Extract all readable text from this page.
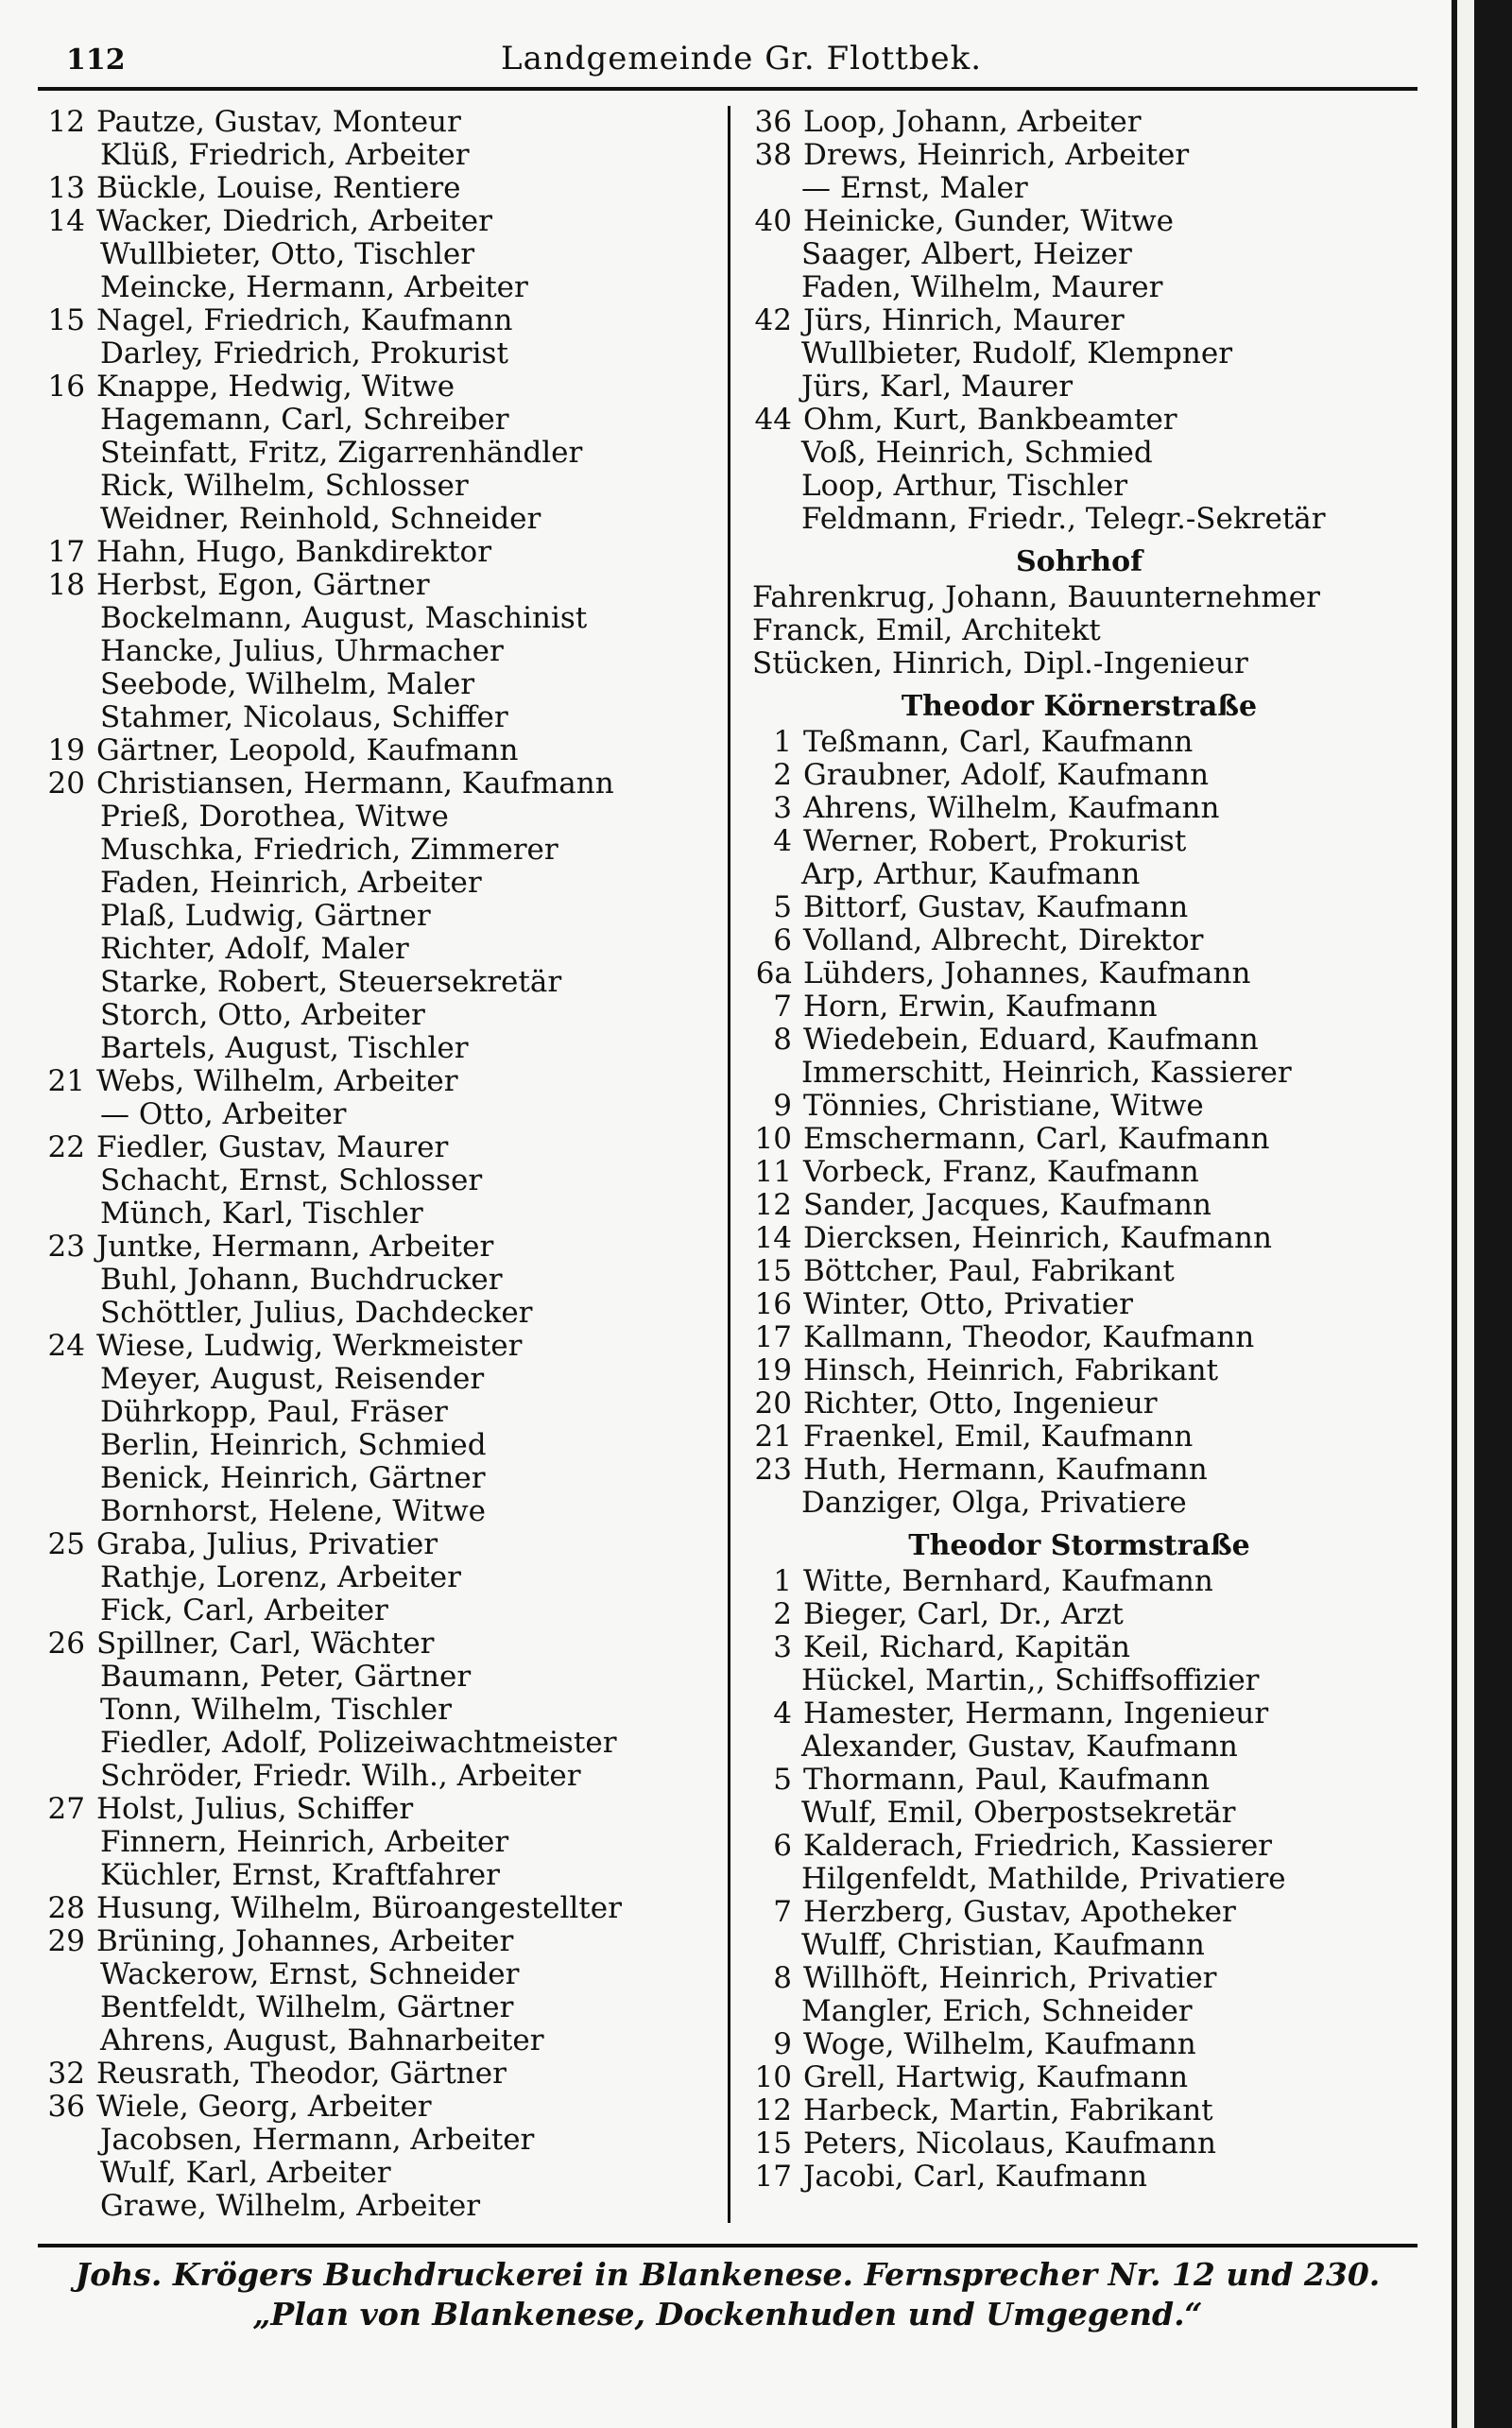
112	Landgemeinde Gr. Flottbek.
12 Pautze, Gustav, Monteur
Klüß, Friedrich, Arbeiter
13 Bückle, Louise, Rentiere
14 Wacker, Diedrich, Arbeiter
Wullbieter, Otto, Tischler
Meincke, Hermann, Arbeiter
15 Nagel, Friedrich, Kaufmann
Darley, Friedrich, Prokurist
16 Knappe, Hedwig, Witwe
Hagemann, Carl, Schreiber
Steinfatt, Fritz, Zigarrenhändler
Rick, Wilhelm, Schlosser
Weidner, Reinhold, Schneider
17 Hahn, Hugo, Bankdirektor
18 Herbst, Egon, Gärtner
Bockelmann, August, Maschinist
Hancke, Julius, Uhrmacher
Seebode, Wilhelm, Maler
Stahmer, Nicolaus, Schiffer
19 Gärtner, Leopold, Kaufmann
20 Christiansen, Hermann, Kaufmann
Prieß, Dorothea, Witwe
Muschka, Friedrich, Zimmerer
Faden, Heinrich, Arbeiter
Plaß, Ludwig, Gärtner
Richter, Adolf, Maler
Starke, Robert, Steuersekretär
Storch, Otto, Arbeiter
Bartels, August, Tischler
21 Webs, Wilhelm, Arbeiter
— Otto, Arbeiter
22 Fiedler, Gustav, Maurer
Schacht, Ernst, Schlosser
Münch, Karl, Tischler
23 Juntke, Hermann, Arbeiter
Buhl, Johann, Buchdrucker
Schöttler, Julius, Dachdecker
24 Wiese, Ludwig, Werkmeister
Meyer, August, Reisender
Dührkopp, Paul, Fräser
Berlin, Heinrich, Schmied
Benick, Heinrich, Gärtner
Bornhorst, Helene, Witwe
25 Graba, Julius, Privatier
Rathje, Lorenz, Arbeiter
Fick, Carl, Arbeiter
26 Spillner, Carl, Wächter
Baumann, Peter, Gärtner
Tonn, Wilhelm, Tischler
Fiedler, Adolf, Polizeiwachtmeister
Schröder, Friedr. Wilh., Arbeiter
27 Holst, Julius, Schiffer
Finnern, Heinrich, Arbeiter
Küchler, Ernst, Kraftfahrer
28 Husung, Wilhelm, Büroangestellter
29 Brüning, Johannes, Arbeiter
Wackerow, Ernst, Schneider
Bentfeldt, Wilhelm, Gärtner
Ahrens, August, Bahnarbeiter
32 Reusrath, Theodor, Gärtner
36 Wiele, Georg, Arbeiter
Jacobsen, Hermann, Arbeiter
Wulf, Karl, Arbeiter
Grawe, Wilhelm, Arbeiter
36 Loop, Johann, Arbeiter
38 Drews, Heinrich, Arbeiter
— Ernst, Maler
40 Heinicke, Gunder, Witwe
Saager, Albert, Heizer
Faden, Wilhelm, Maurer
42 Jürs, Hinrich, Maurer
Wullbieter, Rudolf, Klempner
Jürs, Karl, Maurer
44 Ohm, Kurt, Bankbeamter
Voß, Heinrich, Schmied
Loop, Arthur, Tischler
Feldmann, Friedr., Telegr.-Sekretär
Sohrhof
Fahrenkrug, Johann, Bauunternehmer
Franck, Emil, Architekt
Stücken, Hinrich, Dipl.-Ingenieur
Theodor Körnerstraße
1 Teßmann, Carl, Kaufmann
2 Graubner, Adolf, Kaufmann
3 Ahrens, Wilhelm, Kaufmann
4 Werner, Robert, Prokurist
Arp, Arthur, Kaufmann
5 Bittorf, Gustav, Kaufmann
6 Volland, Albrecht, Direktor
6a Lühders, Johannes, Kaufmann
7 Horn, Erwin, Kaufmann
8 Wiedebein, Eduard, Kaufmann
Immerschitt, Heinrich, Kassierer
9 Tönnies, Christiane, Witwe
10 Emschermann, Carl, Kaufmann
11 Vorbeck, Franz, Kaufmann
12 Sander, Jacques, Kaufmann
14 Diercksen, Heinrich, Kaufmann
15 Böttcher, Paul, Fabrikant
16 Winter, Otto, Privatier
17 Kallmann, Theodor, Kaufmann
19 Hinsch, Heinrich, Fabrikant
20 Richter, Otto, Ingenieur
21 Fraenkel, Emil, Kaufmann
23 Huth, Hermann, Kaufmann
Danziger, Olga, Privatiere
Theodor Stormstraße
1 Witte, Bernhard, Kaufmann
2 Bieger, Carl, Dr., Arzt
3 Keil, Richard, Kapitän
Hückel, Martin,, Schiffsoffizier
4 Hamester, Hermann, Ingenieur
Alexander, Gustav, Kaufmann
5 Thormann, Paul, Kaufmann
Wulf, Emil, Oberpostsekretär
6 Kalderach, Friedrich, Kassierer
Hilgenfeldt, Mathilde, Privatiere
7 Herzberg, Gustav, Apotheker
Wulff, Christian, Kaufmann
8 Willhöft, Heinrich, Privatier
Mangler, Erich, Schneider
9 Woge, Wilhelm, Kaufmann
10 Grell, Hartwig, Kaufmann
12 Harbeck, Martin, Fabrikant
15 Peters, Nicolaus, Kaufmann
17 Jacobi, Carl, Kaufmann
Johs. Krögers Buchdruckerei in Blankenese. Fernsprecher Nr. 12 und 230.
„Plan von Blankenese, Dockenhuden und Umgegend.“
